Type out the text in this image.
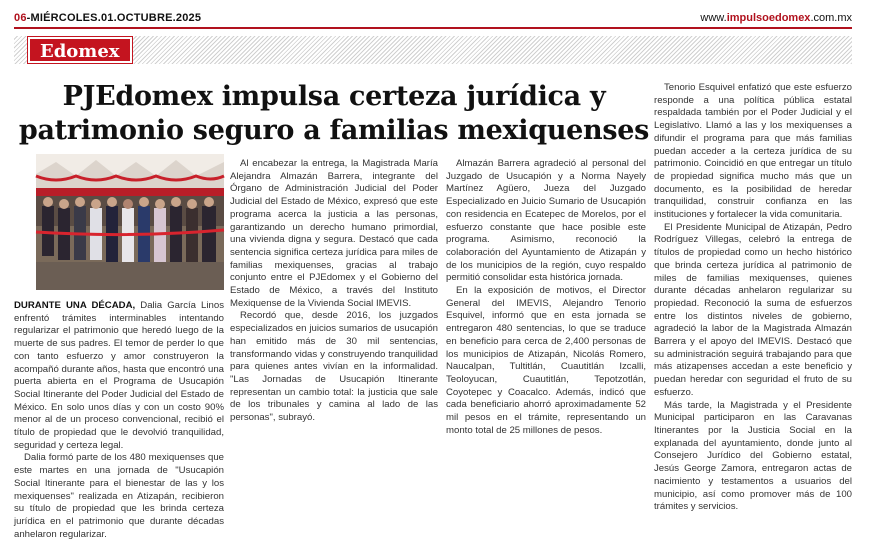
06-MIÉRCOLES.01.OCTUBRE.2025	www.impulsoedomex.com.mx
Edomex
PJEdomex impulsa certeza jurídica y
patrimonio seguro a familias mexiquenses

DURANTE UNA DÉCADA, Dalia García Linos enfrentó trámites interminables intentando regularizar el patrimonio que heredó luego de la muerte de sus padres. El temor de perder lo que con tanto esfuerzo y amor construyeron la acompañó durante años, hasta que encontró una puerta abierta en el Programa de Usucapión Social Itinerante del Poder Judicial del Estado de México. En solo unos días y con un costo 90% menor al de un proceso convencional, recibió el título de propiedad que le devolvió tranquilidad, seguridad y certeza legal.

Dalia formó parte de los 480 mexiquenses que este martes en una jornada de "Usucapión Social Itinerante para el bienestar de las y los mexiquenses" realizada en Atizapán, recibieron su título de propiedad que les brinda certeza jurídica en el patrimonio que durante décadas anhelaron regularizar.

Al encabezar la entrega, la Magistrada María Alejandra Almazán Barrera, integrante del Órgano de Administración Judicial del Poder Judicial del Estado de México, expresó que este programa acerca la justicia a las personas, garantizando un derecho humano primordial, una vivienda digna y segura. Destacó que cada sentencia significa certeza jurídica para miles de familias mexiquenses, gracias al trabajo conjunto entre el PJEdomex y el Gobierno del Estado de México, a través del Instituto Mexiquense de la Vivienda Social IMEVIS.

Recordó que, desde 2016, los juzgados especializados en juicios sumarios de usucapión han emitido más de 30 mil sentencias, transformando vidas y construyendo tranquilidad para quienes antes vivían en la informalidad. "Las Jornadas de Usucapión Itinerante representan un cambio total: la justicia que sale de los tribunales y camina al lado de las personas", subrayó.

Almazán Barrera agradeció al personal del Juzgado de Usucapión y a Norma Nayely Martínez Agüero, Jueza del Juzgado Especializado en Juicio Sumario de Usucapión con residencia en Ecatepec de Morelos, por el esfuerzo constante que hace posible este programa. Asimismo, reconoció la colaboración del Ayuntamiento de Atizapán y de los municipios de la región, cuyo respaldo permitió consolidar esta histórica jornada.

En la exposición de motivos, el Director General del IMEVIS, Alejandro Tenorio Esquivel, informó que en esta jornada se entregaron 480 sentencias, lo que se traduce en beneficio para cerca de 2,400 personas de los municipios de Atizapán, Nicolás Romero, Naucalpan, Tultitlán, Cuautitlán Izcalli, Teoloyucan, Cuautitlán, Tepotzotlán, Coyotepec y Coacalco. Además, indicó que cada beneficiario ahorró aproximadamente 52 mil pesos en el trámite, representando un monto total de 25 millones de pesos.

Tenorio Esquivel enfatizó que este esfuerzo responde a una política pública estatal respaldada también por el Poder Judicial y el Legislativo. Llamó a las y los mexiquenses a difundir el programa para que más familias puedan acceder a la certeza jurídica de su patrimonio. Coincidió en que entregar un título de propiedad significa mucho más que un documento, es la posibilidad de heredar tranquilidad, construir confianza en las instituciones y fortalecer la vida comunitaria.

El Presidente Municipal de Atizapán, Pedro Rodríguez Villegas, celebró la entrega de títulos de propiedad como un hecho histórico que brinda certeza jurídica al patrimonio de miles de familias mexiquenses, quienes durante décadas anhelaron regularizar su propiedad. Reconoció la suma de esfuerzos entre los distintos niveles de gobierno, agradeció la labor de la Magistrada Almazán Barrera y el apoyo del IMEVIS. Destacó que su administración seguirá trabajando para que más atizapenses accedan a este beneficio y puedan heredar con seguridad el fruto de su esfuerzo.

Más tarde, la Magistrada y el Presidente Municipal participaron en las Caravanas Itinerantes por la Justicia Social en la explanada del ayuntamiento, donde junto al Consejero Jurídico del Gobierno estatal, Jesús George Zamora, entregaron actas de nacimiento y testamentos a usuarios del municipio, así como promover más de 100 trámites y servicios.
